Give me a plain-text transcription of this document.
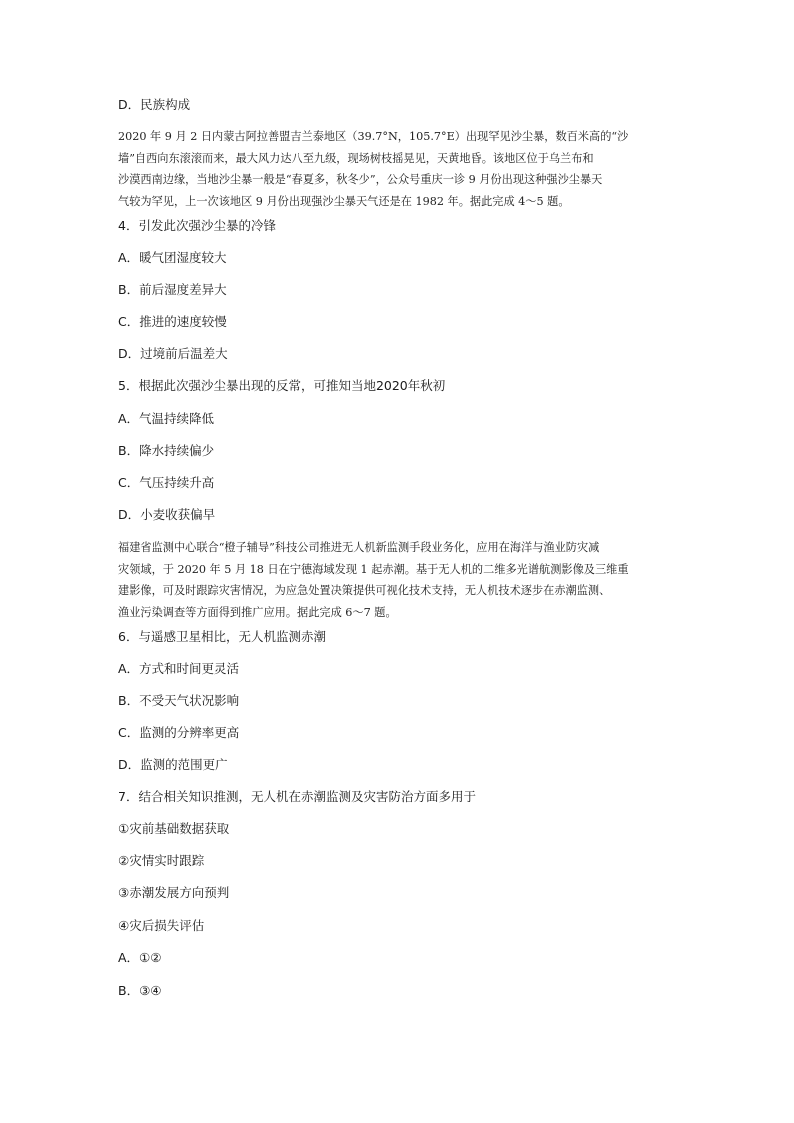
D．民族构成
2020 年 9 月 2 日内蒙古阿拉善盟吉兰泰地区（39.7°N，105.7°E）出现罕见沙尘暴，数百米高的“沙
墙”自西向东滚滚而来，最大风力达八至九级，现场树枝摇晃见，天黄地昏。该地区位于乌兰布和
沙漠西南边缘，当地沙尘暴一般是“春夏多，秋冬少”，公众号重庆一诊 9 月份出现这种强沙尘暴天
气较为罕见，上一次该地区 9 月份出现强沙尘暴天气还是在 1982 年。据此完成 4～5 题。
4．引发此次强沙尘暴的冷锋
A．暖气团湿度较大
B．前后湿度差异大
C．推进的速度较慢
D．过境前后温差大
5．根据此次强沙尘暴出现的反常，可推知当地2020年秋初
A．气温持续降低
B．降水持续偏少
C．气压持续升高
D．小麦收获偏早
福建省监测中心联合“橙子辅导”科技公司推进无人机新监测手段业务化，应用在海洋与渔业防灾减
灾领域，于 2020 年 5 月 18 日在宁德海域发现 1 起赤潮。基于无人机的二维多光谱航测影像及三维重
建影像，可及时跟踪灾害情况，为应急处置决策提供可视化技术支持，无人机技术逐步在赤潮监测、
渔业污染调查等方面得到推广应用。据此完成 6～7 题。
6．与遥感卫星相比，无人机监测赤潮
A．方式和时间更灵活
B．不受天气状况影响
C．监测的分辨率更高
D．监测的范围更广
7．结合相关知识推测，无人机在赤潮监测及灾害防治方面多用于
①灾前基础数据获取
②灾情实时跟踪
③赤潮发展方向预判
④灾后损失评估
A．①②
B．③④
